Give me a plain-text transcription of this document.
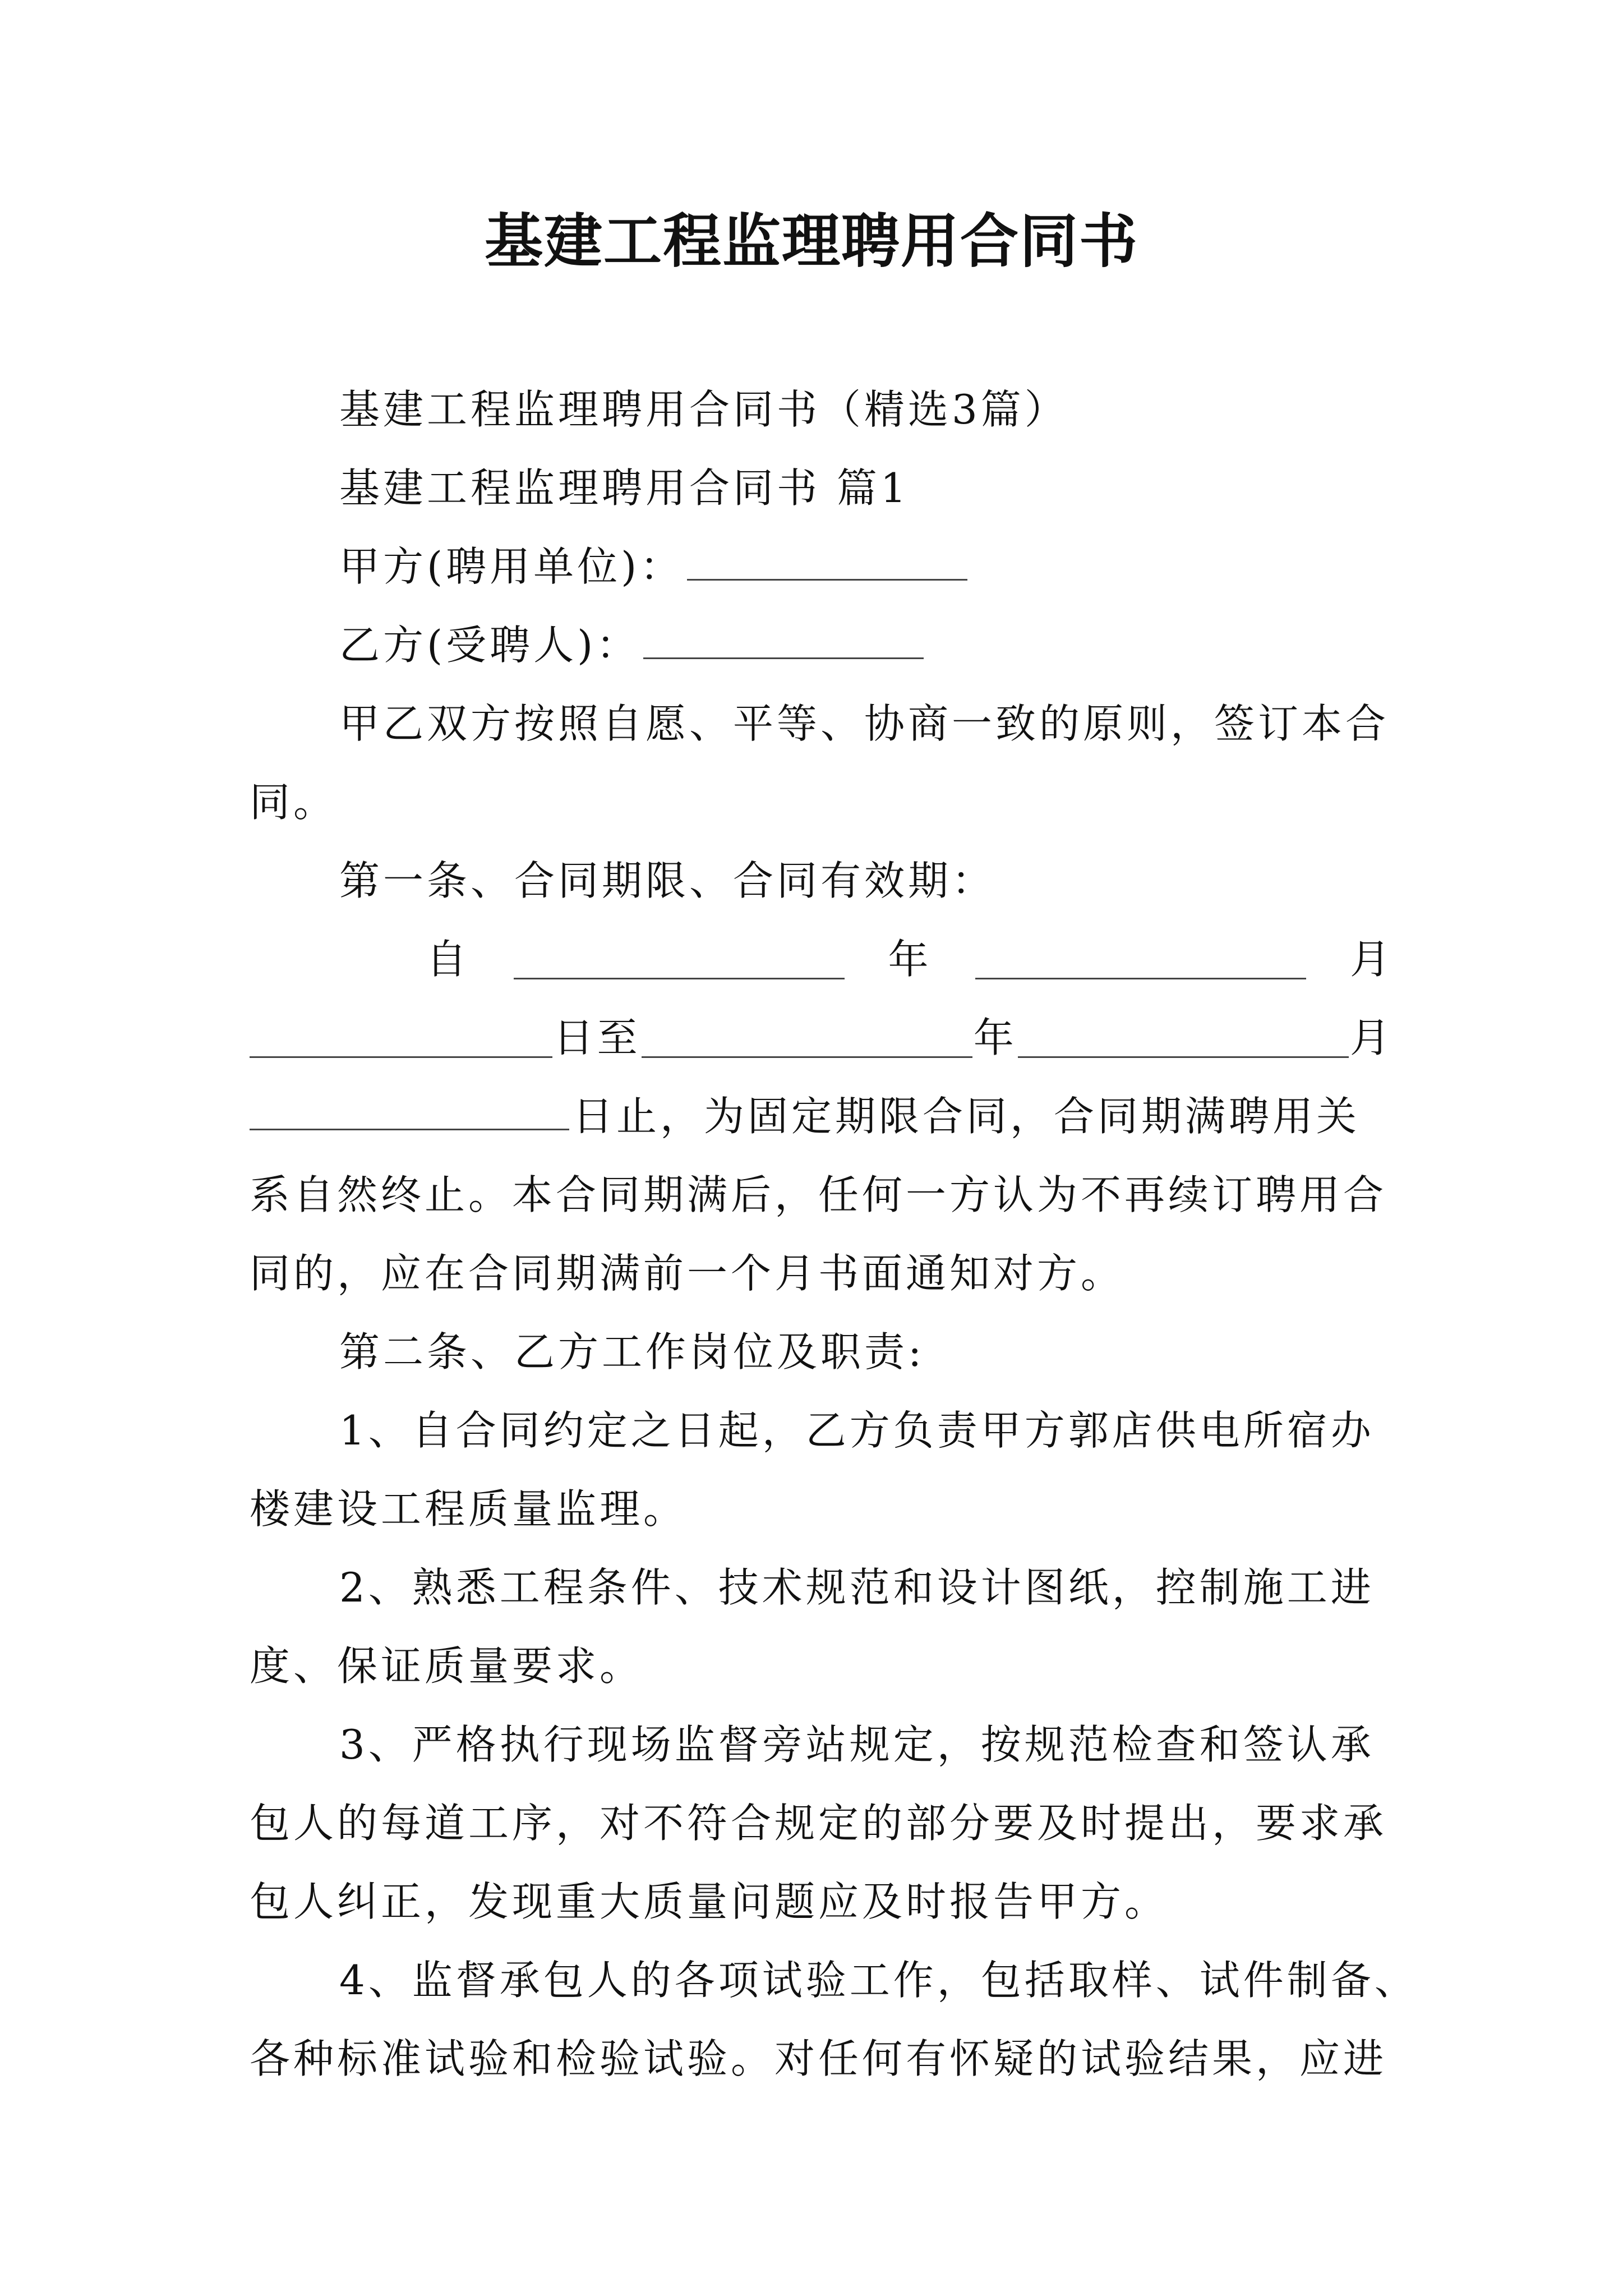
基建工程监理聘用合同书
基建工程监理聘用合同书（精选3篇）
基建工程监理聘用合同书 篇1
甲方(聘用单位)：
乙方(受聘人)：
甲乙双方按照自愿、平等、协商一致的原则，签订本合
同。
第一条、合同期限、合同有效期：
自	年	月
日至	年	月
日止，为固定期限合同，合同期满聘用关
系自然终止。本合同期满后，任何一方认为不再续订聘用合
同的，应在合同期满前一个月书面通知对方。
第二条、乙方工作岗位及职责:
1、自合同约定之日起，乙方负责甲方郭店供电所宿办
楼建设工程质量监理。
2、熟悉工程条件、技术规范和设计图纸，控制施工进
度、保证质量要求。
3、严格执行现场监督旁站规定，按规范检查和签认承
包人的每道工序，对不符合规定的部分要及时提出，要求承
包人纠正，发现重大质量问题应及时报告甲方。
4、监督承包人的各项试验工作，包括取样、试件制备、
各种标准试验和检验试验。对任何有怀疑的试验结果，应进
